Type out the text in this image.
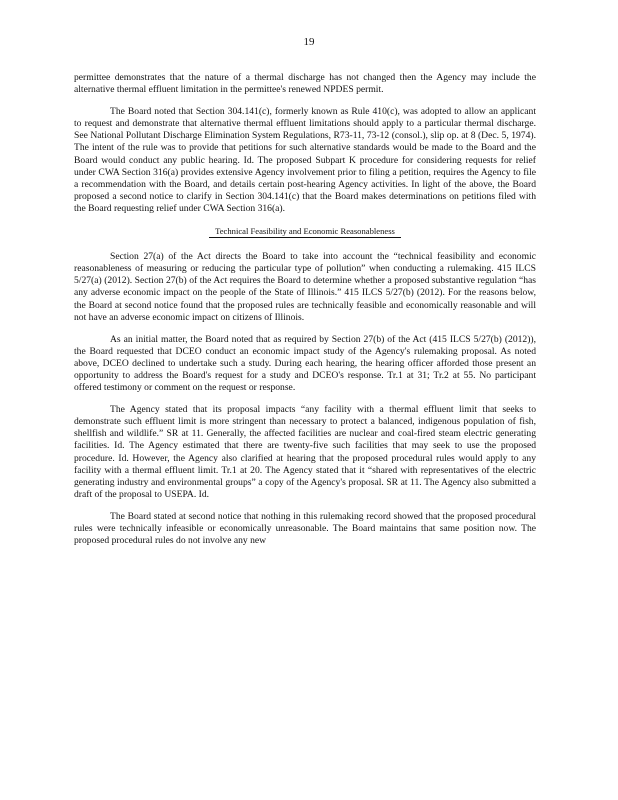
19

permittee demonstrates that the nature of a thermal discharge has not changed then the Agency may include the alternative thermal effluent limitation in the permittee's renewed NPDES permit.

The Board noted that Section 304.141(c), formerly known as Rule 410(c), was adopted to allow an applicant to request and demonstrate that alternative thermal effluent limitations should apply to a particular thermal discharge. See National Pollutant Discharge Elimination System Regulations, R73-11, 73-12 (consol.), slip op. at 8 (Dec. 5, 1974). The intent of the rule was to provide that petitions for such alternative standards would be made to the Board and the Board would conduct any public hearing. Id. The proposed Subpart K procedure for considering requests for relief under CWA Section 316(a) provides extensive Agency involvement prior to filing a petition, requires the Agency to file a recommendation with the Board, and details certain post-hearing Agency activities. In light of the above, the Board proposed a second notice to clarify in Section 304.141(c) that the Board makes determinations on petitions filed with the Board requesting relief under CWA Section 316(a).

Technical Feasibility and Economic Reasonableness

Section 27(a) of the Act directs the Board to take into account the “technical feasibility and economic reasonableness of measuring or reducing the particular type of pollution” when conducting a rulemaking. 415 ILCS 5/27(a) (2012). Section 27(b) of the Act requires the Board to determine whether a proposed substantive regulation “has any adverse economic impact on the people of the State of Illinois.” 415 ILCS 5/27(b) (2012). For the reasons below, the Board at second notice found that the proposed rules are technically feasible and economically reasonable and will not have an adverse economic impact on citizens of Illinois.

As an initial matter, the Board noted that as required by Section 27(b) of the Act (415 ILCS 5/27(b) (2012)), the Board requested that DCEO conduct an economic impact study of the Agency's rulemaking proposal. As noted above, DCEO declined to undertake such a study. During each hearing, the hearing officer afforded those present an opportunity to address the Board's request for a study and DCEO's response. Tr.1 at 31; Tr.2 at 55. No participant offered testimony or comment on the request or response.

The Agency stated that its proposal impacts “any facility with a thermal effluent limit that seeks to demonstrate such effluent limit is more stringent than necessary to protect a balanced, indigenous population of fish, shellfish and wildlife.” SR at 11. Generally, the affected facilities are nuclear and coal-fired steam electric generating facilities. Id. The Agency estimated that there are twenty-five such facilities that may seek to use the proposed procedure. Id. However, the Agency also clarified at hearing that the proposed procedural rules would apply to any facility with a thermal effluent limit. Tr.1 at 20. The Agency stated that it “shared with representatives of the electric generating industry and environmental groups” a copy of the Agency's proposal. SR at 11. The Agency also submitted a draft of the proposal to USEPA. Id.

The Board stated at second notice that nothing in this rulemaking record showed that the proposed procedural rules were technically infeasible or economically unreasonable. The Board maintains that same position now. The proposed procedural rules do not involve any new
